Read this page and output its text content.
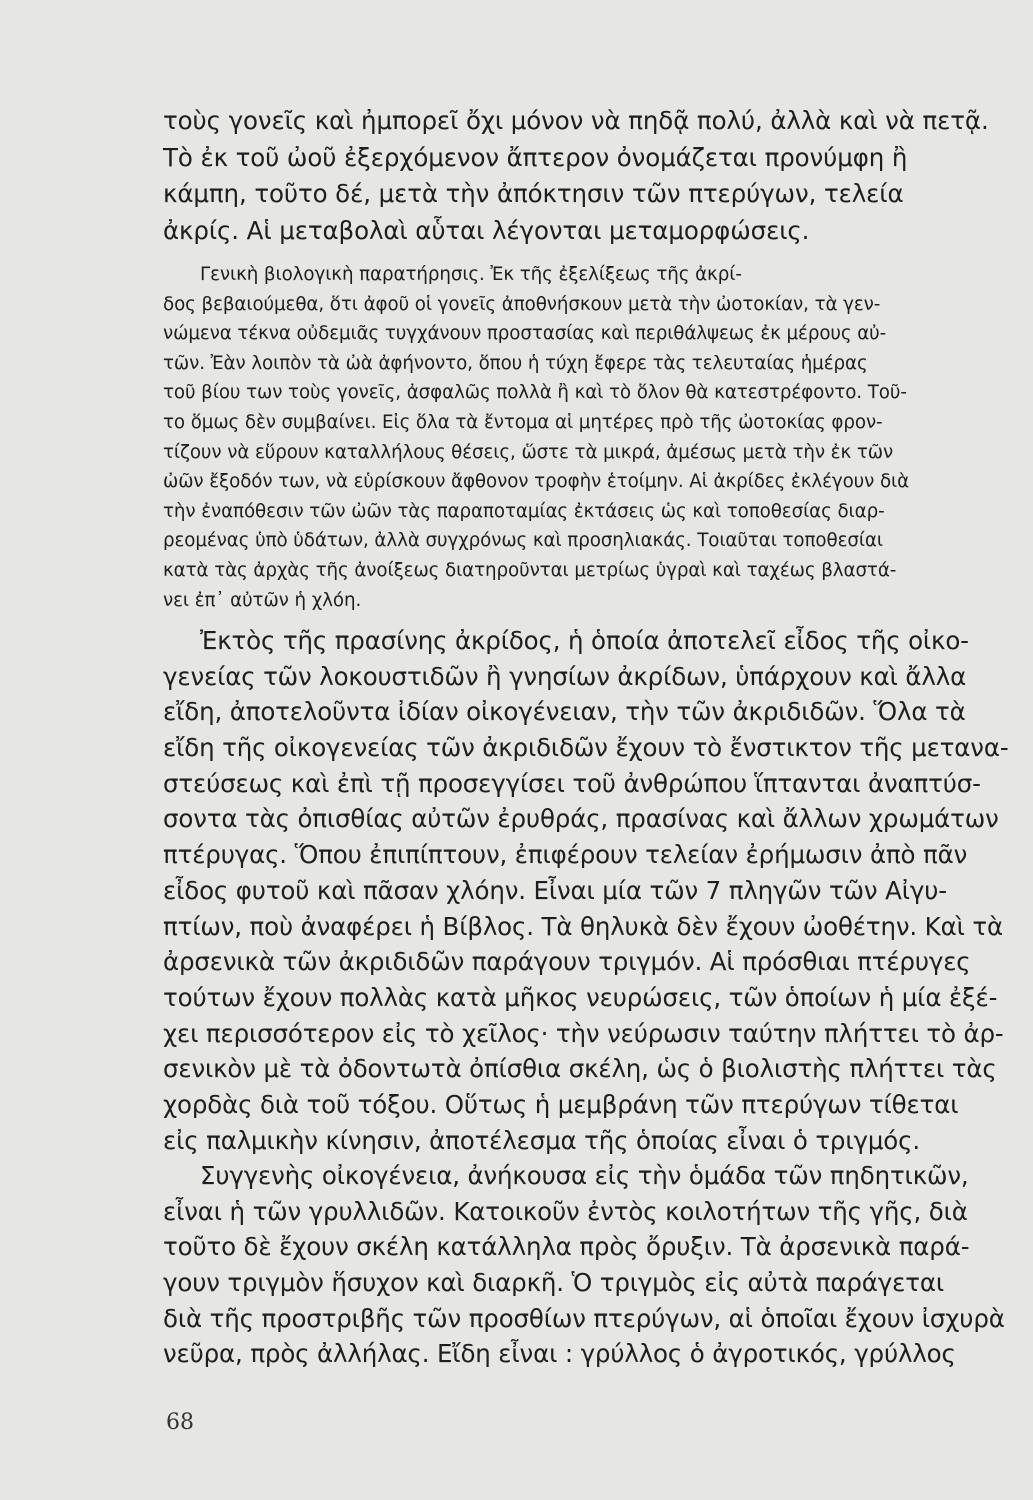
τοὺς γονεῖς καὶ ἠμπορεῖ ὄχι μόνον νὰ πηδᾷ πολύ, ἀλλὰ καὶ νὰ πετᾷ.
Τὸ ἐκ τοῦ ὠοῦ ἐξερχόμενον ἄπτερον ὀνομάζεται προνύμφη ἢ
κάμπη, τοῦτο δέ, μετὰ τὴν ἀπόκτησιν τῶν πτερύγων, τελεία
ἀκρίς. Αἱ μεταβολαὶ αὗται λέγονται μεταμορφώσεις.
Γενικὴ βιολογικὴ παρατήρησις. Ἐκ τῆς ἐξελίξεως τῆς ἀκρί-
δος βεβαιούμεθα, ὅτι ἀφοῦ οἱ γονεῖς ἀποθνήσκουν μετὰ τὴν ὠοτοκίαν, τὰ γεν-
νώμενα τέκνα οὐδεμιᾶς τυγχάνουν προστασίας καὶ περιθάλψεως ἐκ μέρους αὐ-
τῶν. Ἐὰν λοιπὸν τὰ ὠὰ ἀφήνοντο, ὅπου ἡ τύχη ἔφερε τὰς τελευταίας ἡμέρας
τοῦ βίου των τοὺς γονεῖς, ἀσφαλῶς πολλὰ ἢ καὶ τὸ ὅλον θὰ κατεστρέφοντο. Τοῦ-
το ὅμως δὲν συμβαίνει. Εἰς ὅλα τὰ ἔντομα αἱ μητέρες πρὸ τῆς ὠοτοκίας φρον-
τίζουν νὰ εὕρουν καταλλήλους θέσεις, ὥστε τὰ μικρά, ἀμέσως μετὰ τὴν ἐκ τῶν
ὠῶν ἔξοδόν των, νὰ εὑρίσκουν ἄφθονον τροφὴν ἑτοίμην. Αἱ ἀκρίδες ἐκλέγουν διὰ
τὴν ἐναπόθεσιν τῶν ὠῶν τὰς παραποταμίας ἐκτάσεις ὡς καὶ τοποθεσίας διαρ-
ρεομένας ὑπὸ ὑδάτων, ἀλλὰ συγχρόνως καὶ προσηλιακάς. Τοιαῦται τοποθεσίαι
κατὰ τὰς ἀρχὰς τῆς ἀνοίξεως διατηροῦνται μετρίως ὑγραὶ καὶ ταχέως βλαστά-
νει ἐπ᾿ αὐτῶν ἡ χλόη.
Ἐκτὸς τῆς πρασίνης ἀκρίδος, ἡ ὁποία ἀποτελεῖ εἶδος τῆς οἰκο-
γενείας τῶν λοκουστιδῶν ἢ γνησίων ἀκρίδων, ὑπάρχουν καὶ ἄλλα
εἴδη, ἀποτελοῦντα ἰδίαν οἰκογένειαν, τὴν τῶν ἀκριδιδῶν. Ὅλα τὰ
εἴδη τῆς οἰκογενείας τῶν ἀκριδιδῶν ἔχουν τὸ ἔνστικτον τῆς μετανα-
στεύσεως καὶ ἐπὶ τῇ προσεγγίσει τοῦ ἀνθρώπου ἵπτανται ἀναπτύσ-
σοντα τὰς ὀπισθίας αὐτῶν ἐρυθράς, πρασίνας καὶ ἄλλων χρωμάτων
πτέρυγας. Ὅπου ἐπιπίπτουν, ἐπιφέρουν τελείαν ἐρήμωσιν ἀπὸ πᾶν
εἶδος φυτοῦ καὶ πᾶσαν χλόην. Εἶναι μία τῶν 7 πληγῶν τῶν Αἰγυ-
πτίων, ποὺ ἀναφέρει ἡ Βίβλος. Τὰ θηλυκὰ δὲν ἔχουν ὠοθέτην. Καὶ τὰ
ἀρσενικὰ τῶν ἀκριδιδῶν παράγουν τριγμόν. Αἱ πρόσθιαι πτέρυγες
τούτων ἔχουν πολλὰς κατὰ μῆκος νευρώσεις, τῶν ὁποίων ἡ μία ἐξέ-
χει περισσότερον εἰς τὸ χεῖλος· τὴν νεύρωσιν ταύτην πλήττει τὸ ἀρ-
σενικὸν μὲ τὰ ὀδοντωτὰ ὀπίσθια σκέλη, ὡς ὁ βιολιστὴς πλήττει τὰς
χορδὰς διὰ τοῦ τόξου. Οὕτως ἡ μεμβράνη τῶν πτερύγων τίθεται
εἰς παλμικὴν κίνησιν, ἀποτέλεσμα τῆς ὁποίας εἶναι ὁ τριγμός.
Συγγενὴς οἰκογένεια, ἀνήκουσα εἰς τὴν ὁμάδα τῶν πηδητικῶν,
εἶναι ἡ τῶν γρυλλιδῶν. Κατοικοῦν ἐντὸς κοιλοτήτων τῆς γῆς, διὰ
τοῦτο δὲ ἔχουν σκέλη κατάλληλα πρὸς ὄρυξιν. Τὰ ἀρσενικὰ παρά-
γουν τριγμὸν ἥσυχον καὶ διαρκῆ. Ὁ τριγμὸς εἰς αὐτὰ παράγεται
διὰ τῆς προστριβῆς τῶν προσθίων πτερύγων, αἱ ὁποῖαι ἔχουν ἰσχυρὰ
νεῦρα, πρὸς ἀλλήλας. Εἴδη εἶναι : γρύλλος ὁ ἀγροτικός, γρύλλος
68
